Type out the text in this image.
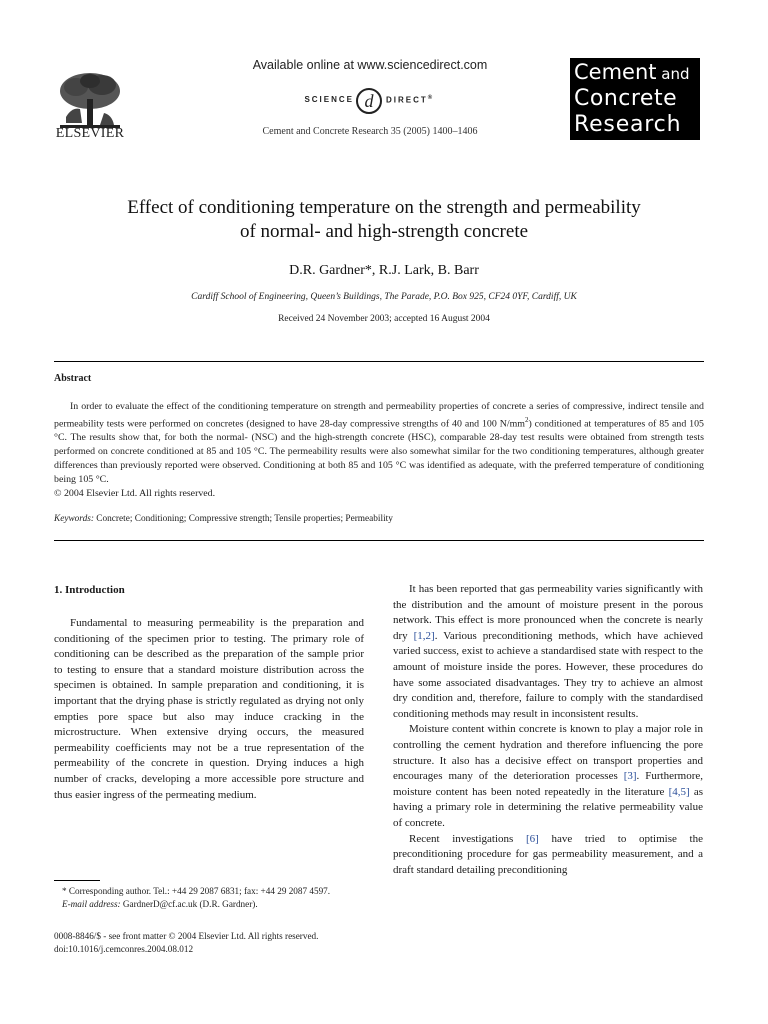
ELSEVIER
Available online at www.sciencedirect.com
SCIENCE d DIRECT®
Cement and Concrete Research 35 (2005) 1400–1406
Cement and
Concrete
Research
Effect of conditioning temperature on the strength and permeability
of normal- and high-strength concrete
D.R. Gardner*, R.J. Lark, B. Barr
Cardiff School of Engineering, Queen’s Buildings, The Parade, P.O. Box 925, CF24 0YF, Cardiff, UK
Received 24 November 2003; accepted 16 August 2004
Abstract
In order to evaluate the effect of the conditioning temperature on strength and permeability properties of concrete a series of compressive, indirect tensile and permeability tests were performed on concretes (designed to have 28-day compressive strengths of 40 and 100 $N/mm^2$) conditioned at temperatures of 85 and 105 °C. The results show that, for both the normal- (NSC) and the high-strength concrete (HSC), comparable 28-day test results were obtained from strength tests performed on concrete conditioned at 85 and 105 °C. The permeability results were also somewhat similar for the two conditioning temperatures, although greater differences than previously reported were observed. Conditioning at both 85 and 105 °C was identified as adequate, with the preferred temperature of conditioning being 105 °C.
© 2004 Elsevier Ltd. All rights reserved.
Keywords: Concrete; Conditioning; Compressive strength; Tensile properties; Permeability
1. Introduction

Fundamental to measuring permeability is the preparation and conditioning of the specimen prior to testing. The primary role of conditioning can be described as the preparation of the sample prior to testing to ensure that a standard moisture distribution across the specimen is obtained. In sample preparation and conditioning, it is important that the drying phase is strictly regulated as drying not only empties pore space but also may induce cracking in the microstructure. When extensive drying occurs, the measured permeability coefficients may not be a true representation of the permeability of the concrete in question. Drying induces a high number of cracks, developing a more accessible pore structure and thus easier ingress of the permeating medium.

It has been reported that gas permeability varies significantly with the distribution and the amount of moisture present in the porous network. This effect is more pronounced when the concrete is nearly dry [1,2]. Various preconditioning methods, which have achieved varied success, exist to achieve a standardised state with respect to the amount of moisture inside the pores. However, these procedures do have some associated disadvantages. They try to achieve an almost dry condition and, therefore, failure to comply with the standardised conditioning methods may result in inconsistent results.

Moisture content within concrete is known to play a major role in controlling the cement hydration and therefore influencing the pore structure. It also has a decisive effect on transport properties and encourages many of the deterioration processes [3]. Furthermore, moisture content has been noted repeatedly in the literature [4,5] as having a primary role in determining the relative permeability value of concrete.

Recent investigations [6] have tried to optimise the preconditioning procedure for gas permeability measurement, and a draft standard detailing preconditioning

* Corresponding author. Tel.: +44 29 2087 6831; fax: +44 29 2087 4597.
E-mail address: GardnerD@cf.ac.uk (D.R. Gardner).
0008-8846/$ - see front matter © 2004 Elsevier Ltd. All rights reserved.
doi:10.1016/j.cemconres.2004.08.012
